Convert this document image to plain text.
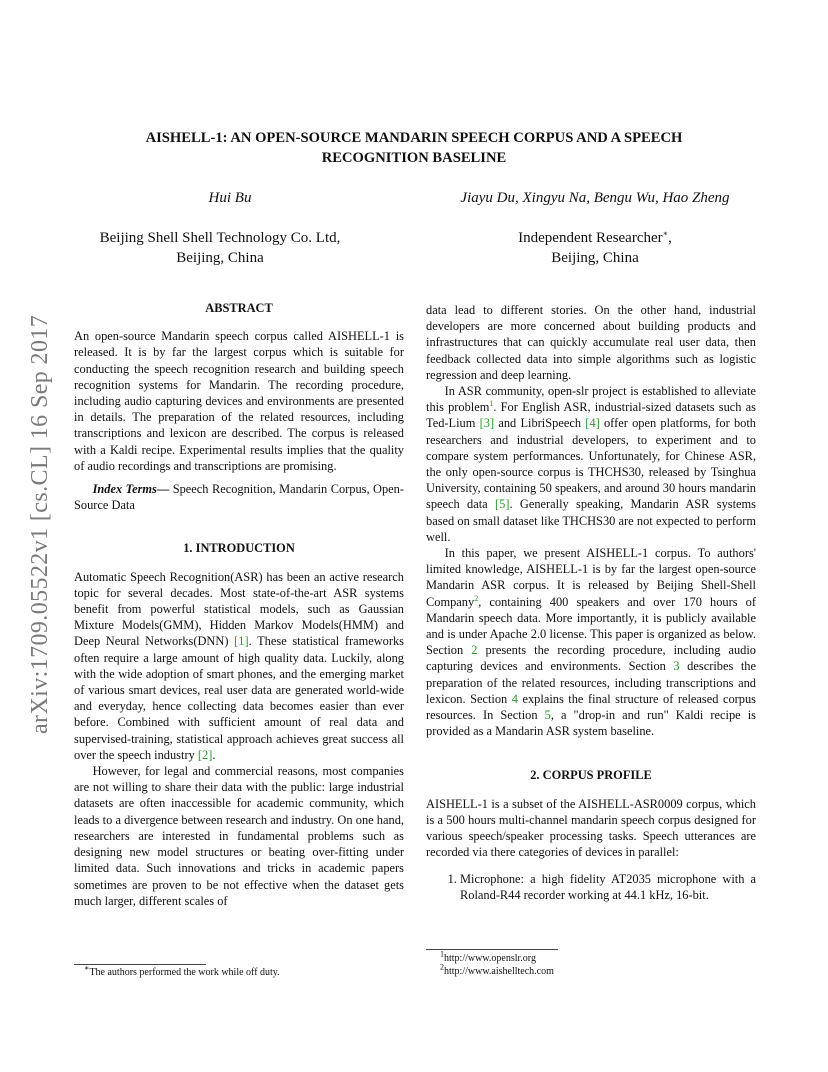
arXiv:1709.05522v1 [cs.CL] 16 Sep 2017
AISHELL-1: AN OPEN-SOURCE MANDARIN SPEECH CORPUS AND A SPEECH
RECOGNITION BASELINE
Hui Bu	Jiayu Du, Xingyu Na, Bengu Wu, Hao Zheng
Beijing Shell Shell Technology Co. Ltd,
Beijing, China
Independent Researcher∗,
Beijing, China

ABSTRACT

An open-source Mandarin speech corpus called AISHELL-1 is released. It is by far the largest corpus which is suitable for conducting the speech recognition research and building speech recognition systems for Mandarin. The recording procedure, including audio capturing devices and environments are presented in details. The preparation of the related resources, including transcriptions and lexicon are described. The corpus is released with a Kaldi recipe. Experimental results implies that the quality of audio recordings and transcriptions are promising.

Index Terms— Speech Recognition, Mandarin Corpus, Open-Source Data

1. INTRODUCTION

Automatic Speech Recognition(ASR) has been an active research topic for several decades. Most state-of-the-art ASR systems benefit from powerful statistical models, such as Gaussian Mixture Models(GMM), Hidden Markov Models(HMM) and Deep Neural Networks(DNN) [1]. These statistical frameworks often require a large amount of high quality data. Luckily, along with the wide adoption of smart phones, and the emerging market of various smart devices, real user data are generated world-wide and everyday, hence collecting data becomes easier than ever before. Combined with sufficient amount of real data and supervised-training, statistical approach achieves great success all over the speech industry [2].

However, for legal and commercial reasons, most companies are not willing to share their data with the public: large industrial datasets are often inaccessible for academic community, which leads to a divergence between research and industry. On one hand, researchers are interested in fundamental problems such as designing new model structures or beating over-fitting under limited data. Such innovations and tricks in academic papers sometimes are proven to be not effective when the dataset gets much larger, different scales of

∗The authors performed the work while off duty.

data lead to different stories. On the other hand, industrial developers are more concerned about building products and infrastructures that can quickly accumulate real user data, then feedback collected data into simple algorithms such as logistic regression and deep learning.

In ASR community, open-slr project is established to alleviate this problem$^1$. For English ASR, industrial-sized datasets such as Ted-Lium [3] and LibriSpeech [4] offer open platforms, for both researchers and industrial developers, to experiment and to compare system performances. Unfortunately, for Chinese ASR, the only open-source corpus is THCHS30, released by Tsinghua University, containing 50 speakers, and around 30 hours mandarin speech data [5]. Generally speaking, Mandarin ASR systems based on small dataset like THCHS30 are not expected to perform well.

In this paper, we present AISHELL-1 corpus. To authors' limited knowledge, AISHELL-1 is by far the largest open-source Mandarin ASR corpus. It is released by Beijing Shell-Shell Company$^2$, containing 400 speakers and over 170 hours of Mandarin speech data. More importantly, it is publicly available and is under Apache 2.0 license. This paper is organized as below. Section 2 presents the recording procedure, including audio capturing devices and environments. Section 3 describes the preparation of the related resources, including transcriptions and lexicon. Section 4 explains the final structure of released corpus resources. In Section 5, a "drop-in and run" Kaldi recipe is provided as a Mandarin ASR system baseline.

2. CORPUS PROFILE

AISHELL-1 is a subset of the AISHELL-ASR0009 corpus, which is a 500 hours multi-channel mandarin speech corpus designed for various speech/speaker processing tasks. Speech utterances are recorded via there categories of devices in parallel:

1. Microphone: a high fidelity AT2035 microphone with a Roland-R44 recorder working at 44.1 kHz, 16-bit.
$^1$http://www.openslr.org
$^2$http://www.aishelltech.com
